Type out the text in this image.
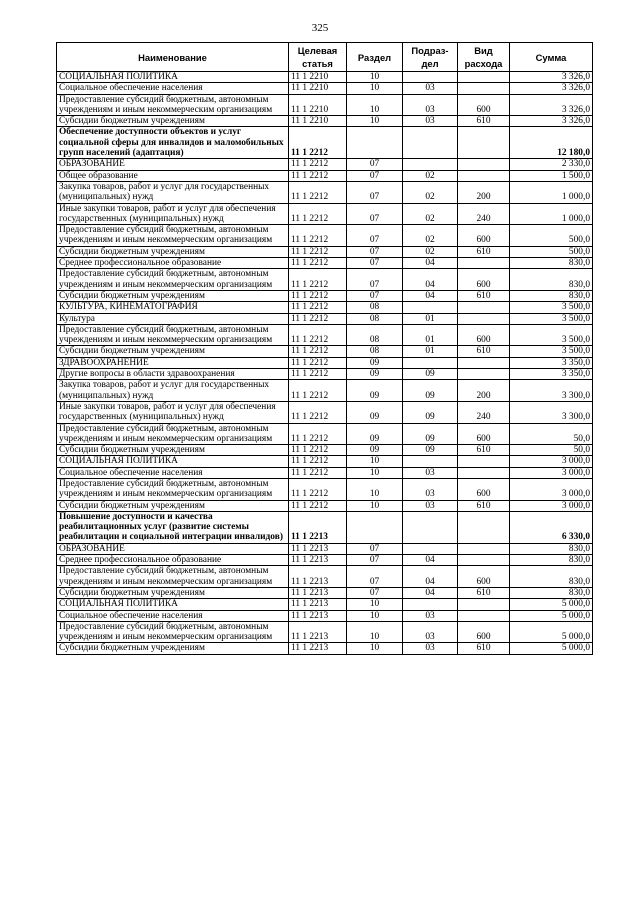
325
Наименование	Целевая статья	Раздел	Подраз-дел	Вид расхода	Сумма
СОЦИАЛЬНАЯ ПОЛИТИКА	11 1 2210	10			3 326,0
Социальное обеспечение населения	11 1 2210	10	03		3 326,0
Предоставление субсидий бюджетным, автономным учреждениям и иным некоммерческим организациям	11 1 2210	10	03	600	3 326,0
Субсидии бюджетным учреждениям	11 1 2210	10	03	610	3 326,0
Обеспечение доступности объектов и услуг социальной сферы для инвалидов и маломобильных групп населений (адаптация)	11 1 2212				12 180,0
ОБРАЗОВАНИЕ	11 1 2212	07			2 330,0
Общее образование	11 1 2212	07	02		1 500,0
Закупка товаров, работ и услуг для государственных (муниципальных) нужд	11 1 2212	07	02	200	1 000,0
Иные закупки товаров, работ и услуг для обеспечения государственных (муниципальных) нужд	11 1 2212	07	02	240	1 000,0
Предоставление субсидий бюджетным, автономным учреждениям и иным некоммерческим организациям	11 1 2212	07	02	600	500,0
Субсидии бюджетным учреждениям	11 1 2212	07	02	610	500,0
Среднее профессиональное образование	11 1 2212	07	04		830,0
Предоставление субсидий бюджетным, автономным учреждениям и иным некоммерческим организациям	11 1 2212	07	04	600	830,0
Субсидии бюджетным учреждениям	11 1 2212	07	04	610	830,0
КУЛЬТУРА, КИНЕМАТОГРАФИЯ	11 1 2212	08			3 500,0
Культура	11 1 2212	08	01		3 500,0
Предоставление субсидий бюджетным, автономным учреждениям и иным некоммерческим организациям	11 1 2212	08	01	600	3 500,0
Субсидии бюджетным учреждениям	11 1 2212	08	01	610	3 500,0
ЗДРАВООХРАНЕНИЕ	11 1 2212	09			3 350,0
Другие вопросы в области здравоохранения	11 1 2212	09	09		3 350,0
Закупка товаров, работ и услуг для государственных (муниципальных) нужд	11 1 2212	09	09	200	3 300,0
Иные закупки товаров, работ и услуг для обеспечения государственных (муниципальных) нужд	11 1 2212	09	09	240	3 300,0
Предоставление субсидий бюджетным, автономным учреждениям и иным некоммерческим организациям	11 1 2212	09	09	600	50,0
Субсидии бюджетным учреждениям	11 1 2212	09	09	610	50,0
СОЦИАЛЬНАЯ ПОЛИТИКА	11 1 2212	10			3 000,0
Социальное обеспечение населения	11 1 2212	10	03		3 000,0
Предоставление субсидий бюджетным, автономным учреждениям и иным некоммерческим организациям	11 1 2212	10	03	600	3 000,0
Субсидии бюджетным учреждениям	11 1 2212	10	03	610	3 000,0
Повышение доступности и качества реабилитационных услуг (развитие системы реабилитации и социальной интеграции инвалидов)	11 1 2213				6 330,0
ОБРАЗОВАНИЕ	11 1 2213	07			830,0
Среднее профессиональное образование	11 1 2213	07	04		830,0
Предоставление субсидий бюджетным, автономным учреждениям и иным некоммерческим организациям	11 1 2213	07	04	600	830,0
Субсидии бюджетным учреждениям	11 1 2213	07	04	610	830,0
СОЦИАЛЬНАЯ ПОЛИТИКА	11 1 2213	10			5 000,0
Социальное обеспечение населения	11 1 2213	10	03		5 000,0
Предоставление субсидий бюджетным, автономным учреждениям и иным некоммерческим организациям	11 1 2213	10	03	600	5 000,0
Субсидии бюджетным учреждениям	11 1 2213	10	03	610	5 000,0
